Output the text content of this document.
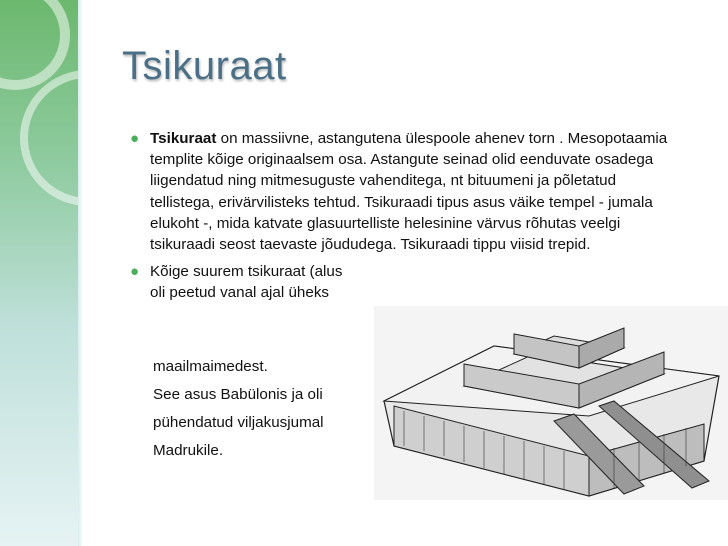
Tsikuraat
● Tsikuraat on massiivne, astangutena ülespoole ahenev torn . Mesopotaamia templite kõige originaalsem osa. Astangute seinad olid eenduvate osadega liigendatud ning mitmesuguste vahenditega, nt bituumeni ja põletatud tellistega, erivärvilisteks tehtud. Tsikuraadi tipus asus väike tempel - jumala elukoht -, mida katvate glasuurtelliste helesinine värvus rõhutas veelgi tsikuraadi seost taevaste jõududega. Tsikuraadi tippu viisid trepid.
● Kõige suurem tsikuraat (alus
oli peetud vanal ajal üheks
maailmaimedest.
See asus Babülonis ja oli
pühendatud viljakusjumal
Madrukile.
